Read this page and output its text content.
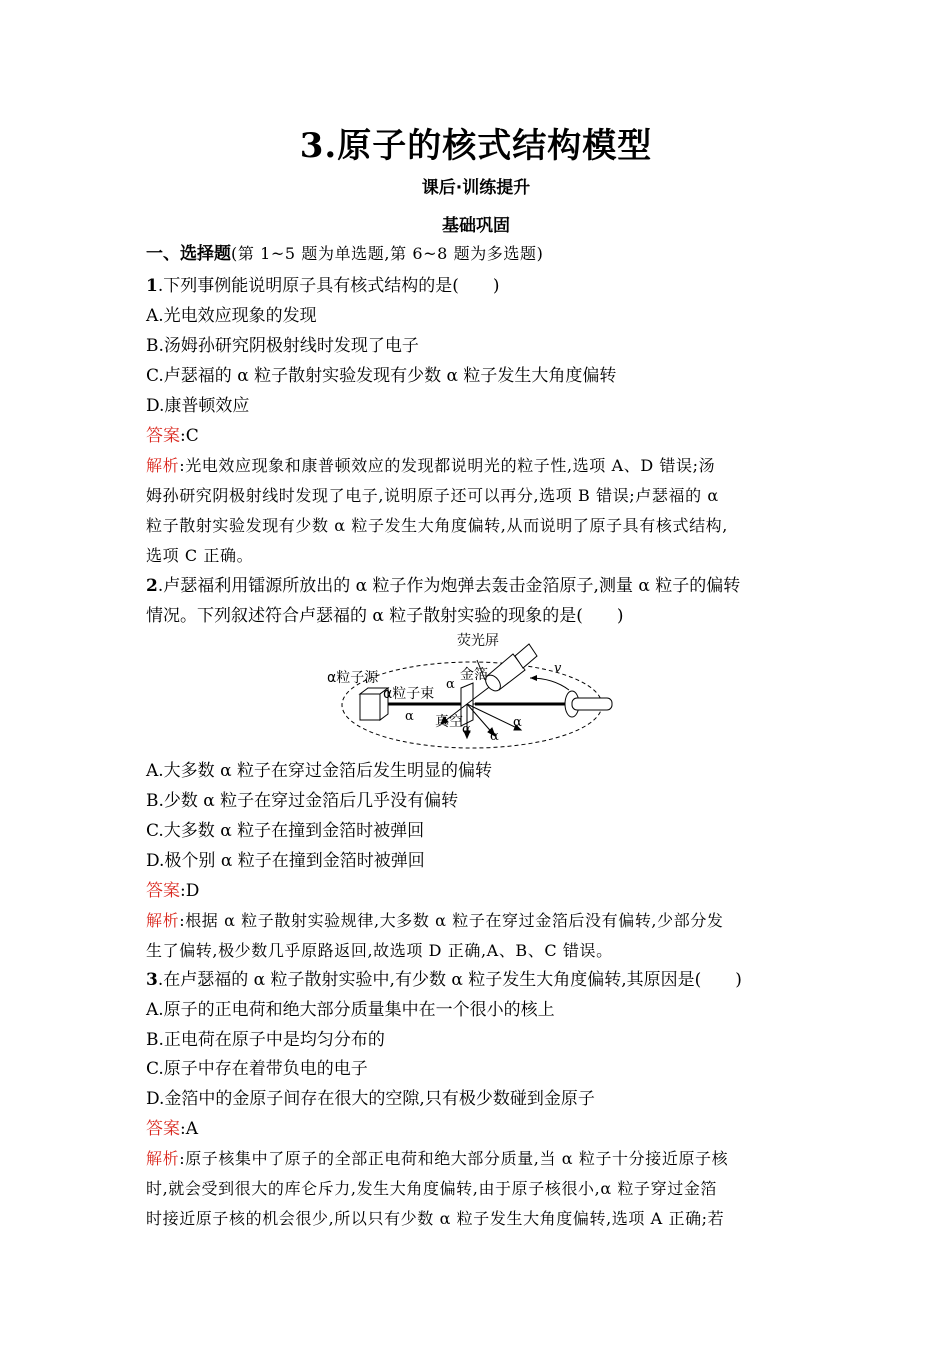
3.原子的核式结构模型
课后·训练提升
基础巩固
一、选择题(第 1~5 题为单选题,第 6~8 题为多选题)
1.下列事例能说明原子具有核式结构的是(　　)
A.光电效应现象的发现
B.汤姆孙研究阴极射线时发现了电子
C.卢瑟福的 α 粒子散射实验发现有少数 α 粒子发生大角度偏转
D.康普顿效应
答案:C
解析:光电效应现象和康普顿效应的发现都说明光的粒子性,选项 A、D 错误;汤
姆孙研究阴极射线时发现了电子,说明原子还可以再分,选项 B 错误;卢瑟福的 α
粒子散射实验发现有少数 α 粒子发生大角度偏转,从而说明了原子具有核式结构,
选项 C 正确。
2.卢瑟福利用镭源所放出的 α 粒子作为炮弹去轰击金箔原子,测量 α 粒子的偏转
情况。下列叙述符合卢瑟福的 α 粒子散射实验的现象的是(　　)
荧光屏
α粒子源	金箔
α粒子束
真空
v
α
α
α α
α
A.大多数 α 粒子在穿过金箔后发生明显的偏转
B.少数 α 粒子在穿过金箔后几乎没有偏转
C.大多数 α 粒子在撞到金箔时被弹回
D.极个别 α 粒子在撞到金箔时被弹回
答案:D
解析:根据 α 粒子散射实验规律,大多数 α 粒子在穿过金箔后没有偏转,少部分发
生了偏转,极少数几乎原路返回,故选项 D 正确,A、B、C 错误。
3.在卢瑟福的 α 粒子散射实验中,有少数 α 粒子发生大角度偏转,其原因是(　　)
A.原子的正电荷和绝大部分质量集中在一个很小的核上
B.正电荷在原子中是均匀分布的
C.原子中存在着带负电的电子
D.金箔中的金原子间存在很大的空隙,只有极少数碰到金原子
答案:A
解析:原子核集中了原子的全部正电荷和绝大部分质量,当 α 粒子十分接近原子核
时,就会受到很大的库仑斥力,发生大角度偏转,由于原子核很小,α 粒子穿过金箔
时接近原子核的机会很少,所以只有少数 α 粒子发生大角度偏转,选项 A 正确;若
